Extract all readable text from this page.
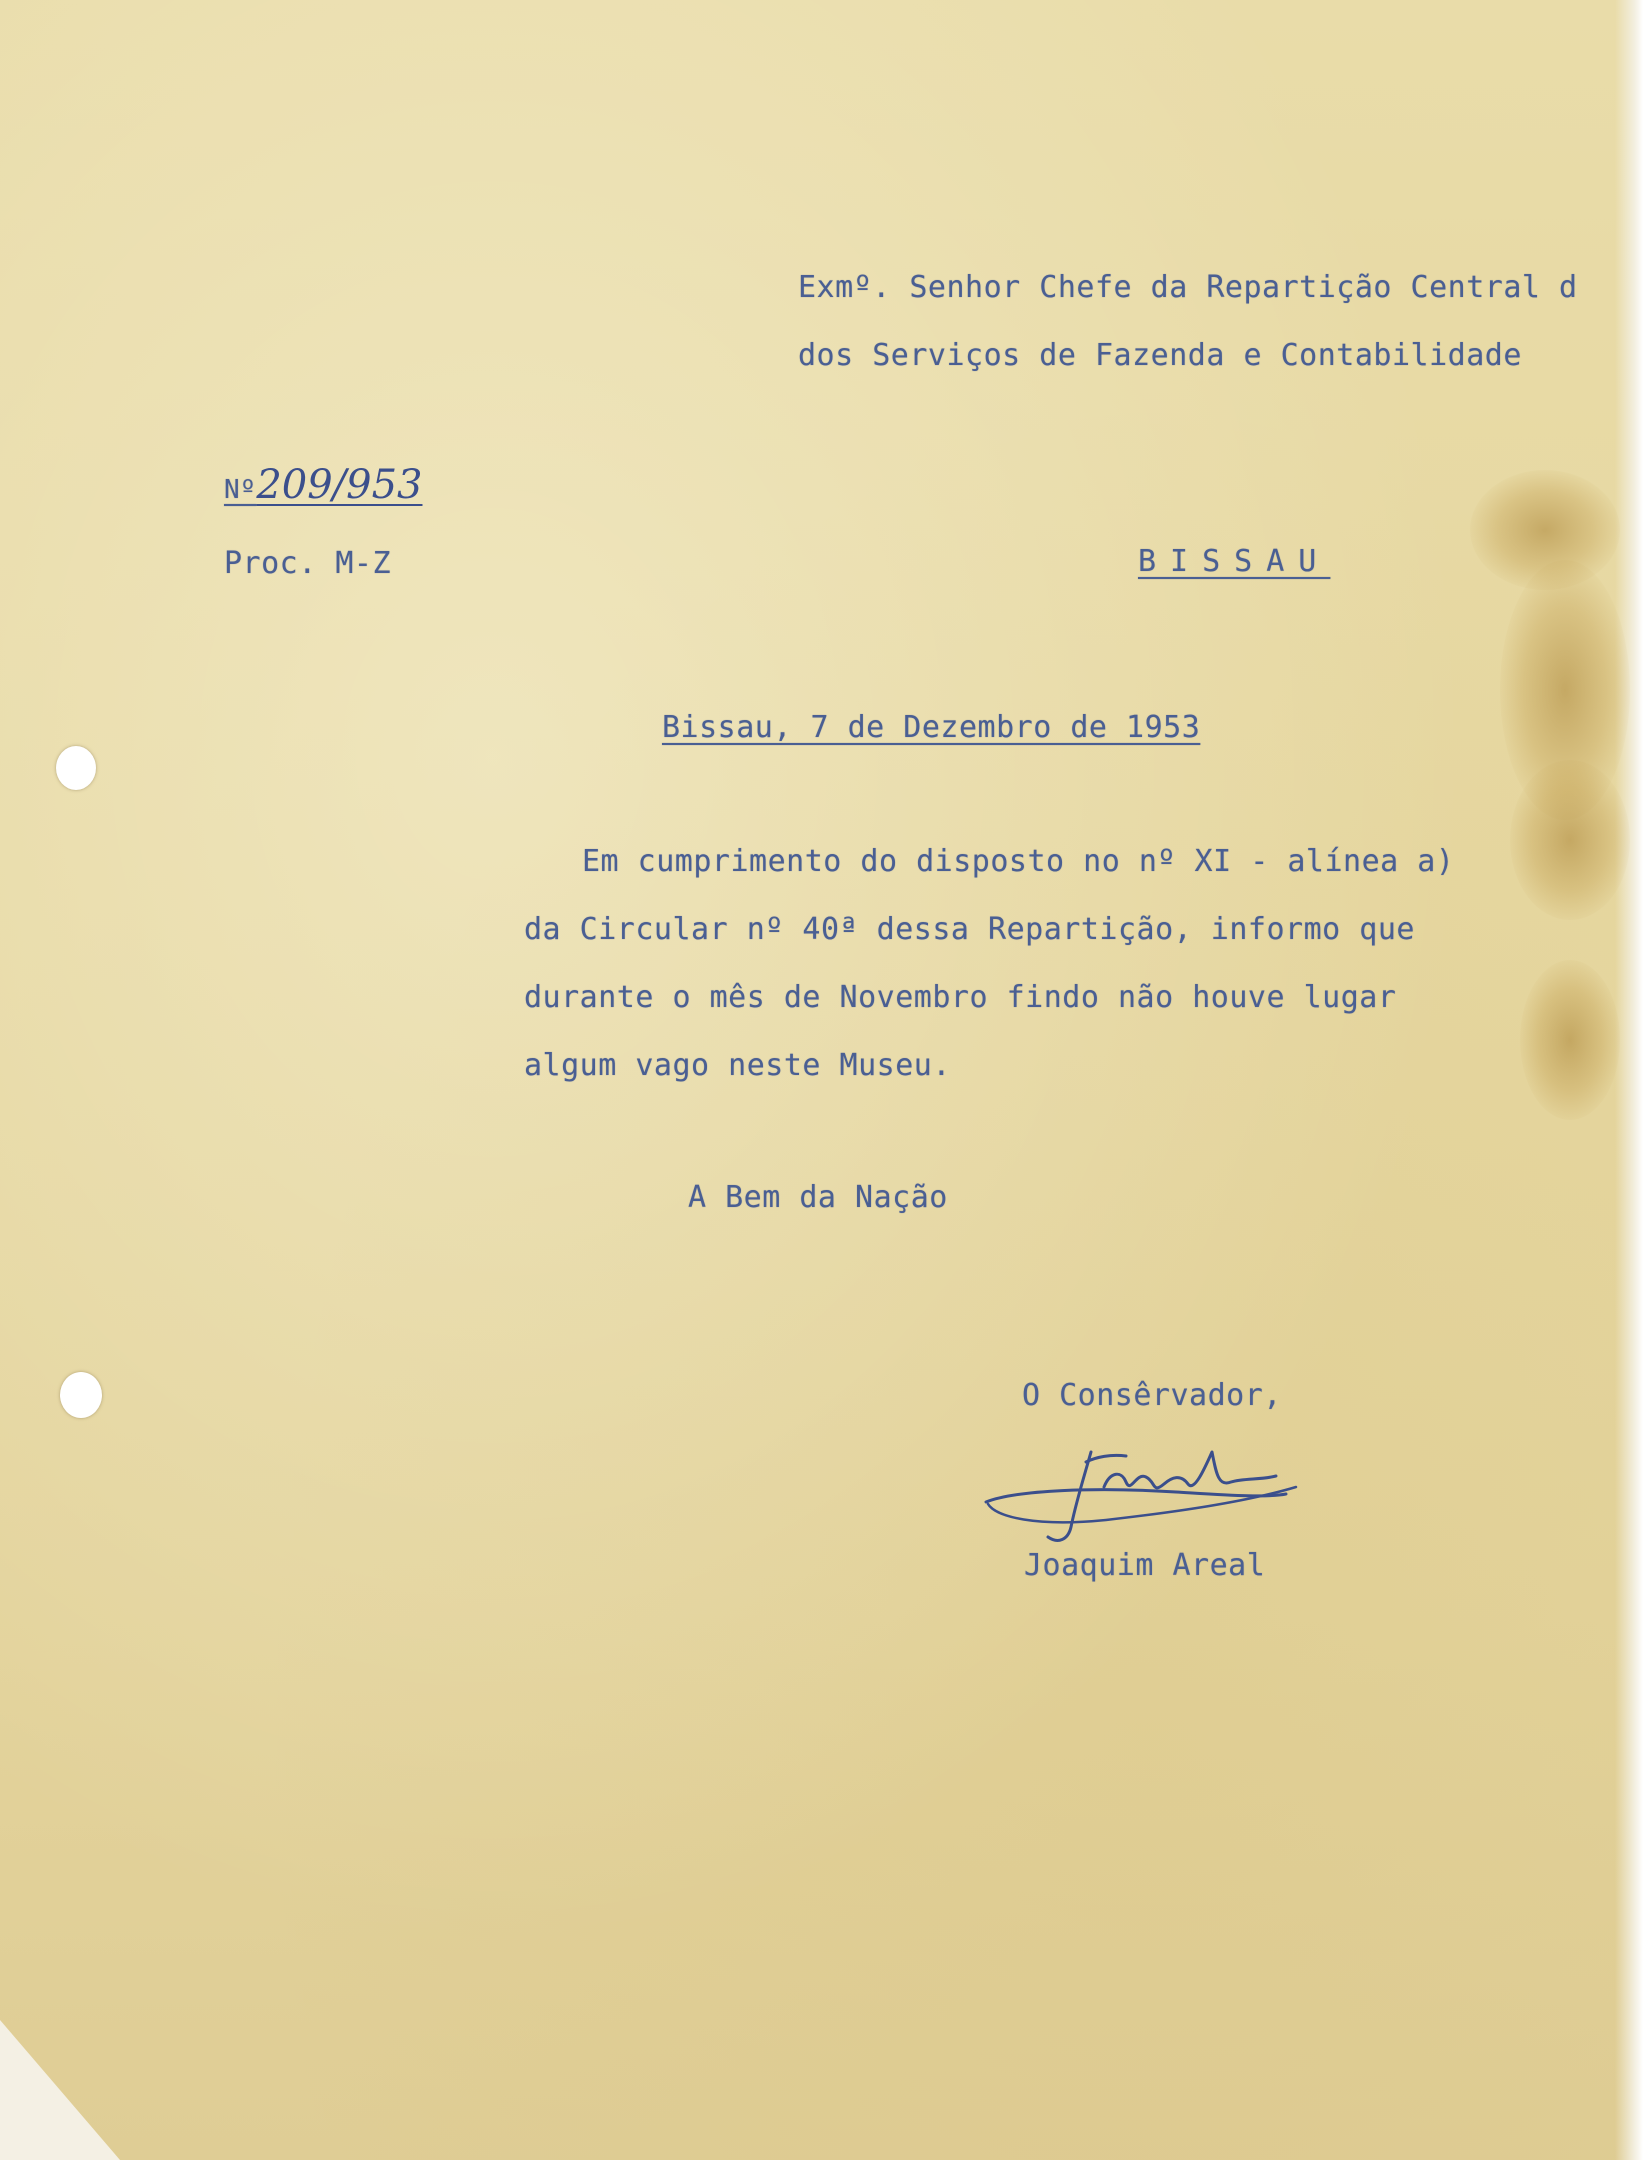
Exmº. Senhor Chefe da Repartição Central d
dos Serviços de Fazenda e Contabilidade
Nº209/953
Proc. M-Z	BISSAU
Bissau, 7 de Dezembro de 1953
Em cumprimento do disposto no nº XI - alínea a)
da Circular nº 40ª dessa Repartição, informo que
durante o mês de Novembro findo não houve lugar
algum vago neste Museu.
A Bem da Nação
O Consêrvador,
Joaquim Areal
